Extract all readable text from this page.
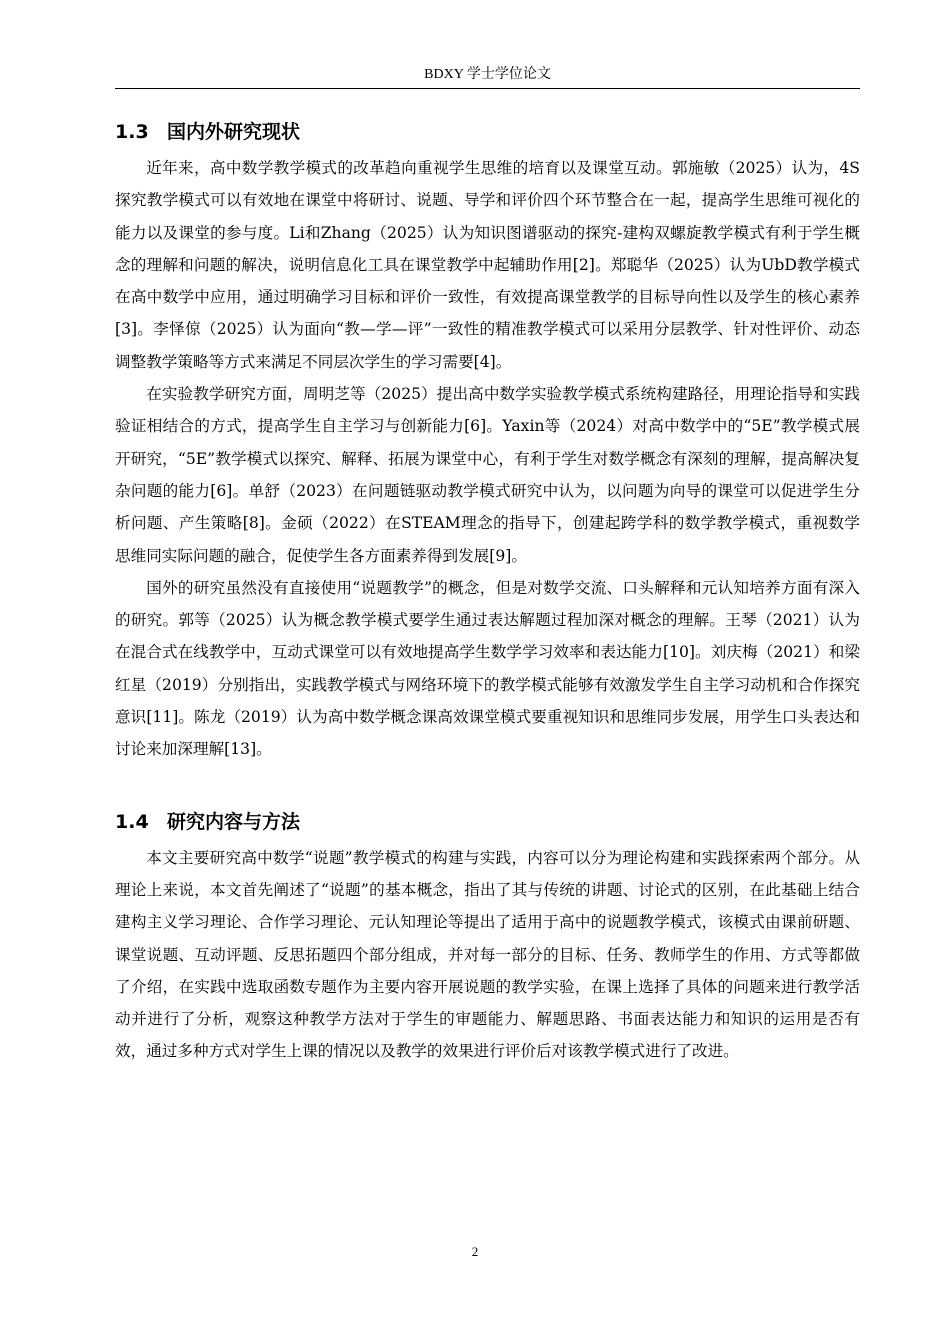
BDXY 学士学位论文
1.3 国内外研究现状

近年来，高中数学教学模式的改革趋向重视学生思维的培育以及课堂互动。郭施敏（2025）认为，4S探究教学模式可以有效地在课堂中将研讨、说题、导学和评价四个环节整合在一起，提高学生思维可视化的能力以及课堂的参与度。Li和Zhang（2025）认为知识图谱驱动的探究-建构双螺旋教学模式有利于学生概念的理解和问题的解决，说明信息化工具在课堂教学中起辅助作用[2]。郑聪华（2025）认为UbD教学模式在高中数学中应用，通过明确学习目标和评价一致性，有效提高课堂教学的目标导向性以及学生的核心素养[3]。李怿倞（2025）认为面向“教—学—评”一致性的精准教学模式可以采用分层教学、针对性评价、动态调整教学策略等方式来满足不同层次学生的学习需要[4]。

在实验教学研究方面，周明芝等（2025）提出高中数学实验教学模式系统构建路径，用理论指导和实践验证相结合的方式，提高学生自主学习与创新能力[6]。Yaxin等（2024）对高中数学中的“5E”教学模式展开研究，“5E”教学模式以探究、解释、拓展为课堂中心，有利于学生对数学概念有深刻的理解，提高解决复杂问题的能力[6]。单舒（2023）在问题链驱动教学模式研究中认为，以问题为向导的课堂可以促进学生分析问题、产生策略[8]。金硕（2022）在STEAM理念的指导下，创建起跨学科的数学教学模式，重视数学思维同实际问题的融合，促使学生各方面素养得到发展[9]。

国外的研究虽然没有直接使用“说题教学”的概念，但是对数学交流、口头解释和元认知培养方面有深入的研究。郭等（2025）认为概念教学模式要学生通过表达解题过程加深对概念的理解。王琴（2021）认为在混合式在线教学中，互动式课堂可以有效地提高学生数学学习效率和表达能力[10]。刘庆梅（2021）和梁红星（2019）分别指出，实践教学模式与网络环境下的教学模式能够有效激发学生自主学习动机和合作探究意识[11]。陈龙（2019）认为高中数学概念课高效课堂模式要重视知识和思维同步发展，用学生口头表达和讨论来加深理解[13]。

1.4 研究内容与方法

本文主要研究高中数学“说题”教学模式的构建与实践，内容可以分为理论构建和实践探索两个部分。从理论上来说，本文首先阐述了“说题”的基本概念，指出了其与传统的讲题、讨论式的区别，在此基础上结合建构主义学习理论、合作学习理论、元认知理论等提出了适用于高中的说题教学模式，该模式由课前研题、课堂说题、互动评题、反思拓题四个部分组成，并对每一部分的目标、任务、教师学生的作用、方式等都做了介绍，在实践中选取函数专题作为主要内容开展说题的教学实验，在课上选择了具体的问题来进行教学活动并进行了分析，观察这种教学方法对于学生的审题能力、解题思路、书面表达能力和知识的运用是否有效，通过多种方式对学生上课的情况以及教学的效果进行评价后对该教学模式进行了改进。

2
